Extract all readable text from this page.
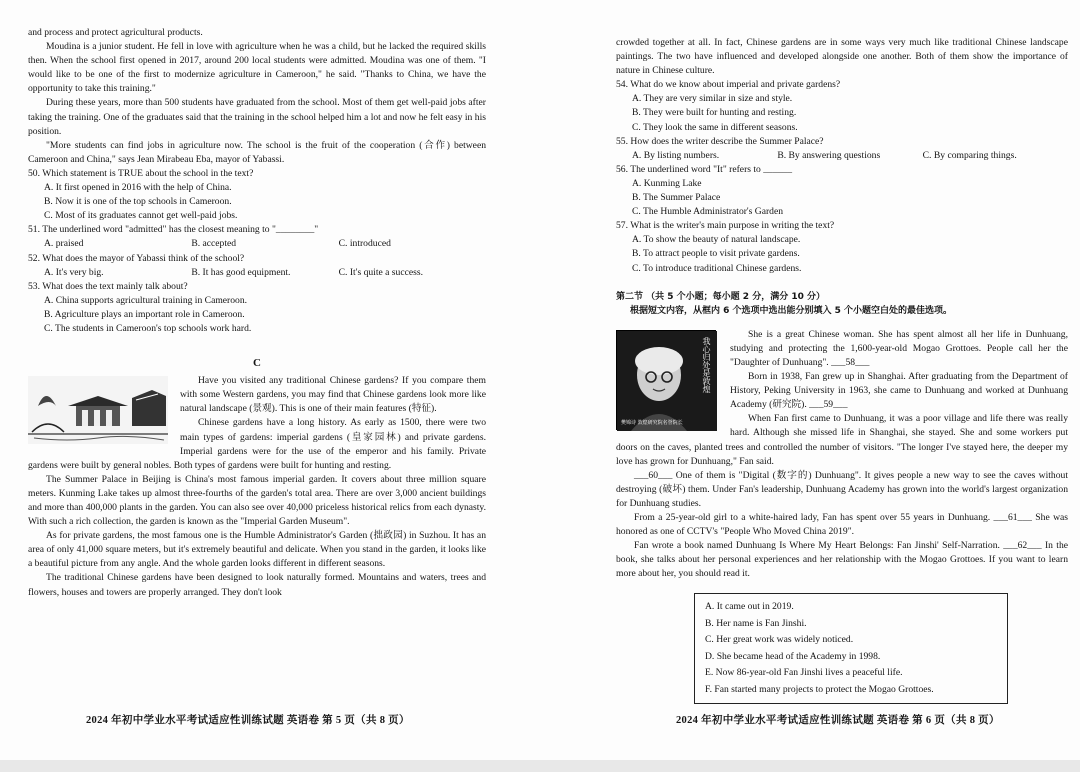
and process and protect agricultural products.

Moudina is a junior student. He fell in love with agriculture when he was a child, but he lacked the required skills then. When the school first opened in 2017, around 200 local students were admitted. Moudina was one of them. "I would like to be one of the first to modernize agriculture in Cameroon," he said. "Thanks to China, we have the opportunity to take this training."

During these years, more than 500 students have graduated from the school. Most of them get well-paid jobs after taking the training. One of the graduates said that the training in the school helped him a lot and now he felt easy in his position.

"More students can find jobs in agriculture now. The school is the fruit of the cooperation (合作) between Cameroon and China," says Jean Mirabeau Eba, mayor of Yabassi.

50. Which statement is TRUE about the school in the text?

A. It first opened in 2016 with the help of China.

B. Now it is one of the top schools in Cameroon.

C. Most of its graduates cannot get well-paid jobs.

51. The underlined word "admitted" has the closest meaning to "________"

A. praised	B. accepted	C. introduced

52. What does the mayor of Yabassi think of the school?

A. It's very big.	B. It has good equipment.	C. It's quite a success.

53. What does the text mainly talk about?

A. China supports agricultural training in Cameroon.

B. Agriculture plays an important role in Cameroon.

C. The students in Cameroon's top schools work hard.

C

Have you visited any traditional Chinese gardens? If you compare them with some Western gardens, you may find that Chinese gardens look more like natural landscape (景观). This is one of their main features (特征).

Chinese gardens have a long history. As early as 1500, there were two main types of gardens: imperial gardens (皇家园林) and private gardens. Imperial gardens were for the use of the emperor and his family. Private gardens were built by general nobles. Both types of gardens were built for hunting and resting.

The Summer Palace in Beijing is China's most famous imperial garden. It covers about three million square meters. Kunming Lake takes up almost three-fourths of the garden's total area. There are over 3,000 ancient buildings and more than 400,000 plants in the garden. You can also see over 40,000 priceless historical relics from each dynasty. With such a rich collection, the garden is known as the "Imperial Garden Museum".

As for private gardens, the most famous one is the Humble Administrator's Garden (拙政园) in Suzhou. It has an area of only 41,000 square meters, but it's extremely beautiful and delicate. When you stand in the garden, it looks like a beautiful picture from any angle. And the whole garden looks different in different seasons.

The traditional Chinese gardens have been designed to look naturally formed. Mountains and waters, trees and flowers, houses and towers are properly arranged. They don't look

2024 年初中学业水平考试适应性训练试题 英语卷 第 5 页（共 8 页）

crowded together at all. In fact, Chinese gardens are in some ways very much like traditional Chinese landscape paintings. The two have influenced and developed alongside one another. Both of them show the importance of nature in Chinese culture.

54. What do we know about imperial and private gardens?

A. They are very similar in size and style.

B. They were built for hunting and resting.

C. They look the same in different seasons.

55. How does the writer describe the Summer Palace?

A. By listing numbers.	B. By answering questions	C. By comparing things.

56. The underlined word "It" refers to ______

A. Kunming Lake

B. The Summer Palace

C. The Humble Administrator's Garden

57. What is the writer's main purpose in writing the text?

A. To show the beauty of natural landscape.

B. To attract people to visit private gardens.

C. To introduce traditional Chinese gardens.

第二节 （共 5 个小题；每小题 2 分，满分 10 分）

根据短文内容，从框内 6 个选项中选出能分别填入 5 个小题空白处的最佳选项。

我心归处是敦煌
樊锦诗 敦煌研究院名誉院长

She is a great Chinese woman. She has spent almost all her life in Dunhuang, studying and protecting the 1,600-year-old Mogao Grottoes. People call her the "Daughter of Dunhuang". ___58___

Born in 1938, Fan grew up in Shanghai. After graduating from the Department of History, Peking University in 1963, she came to Dunhuang and worked at Dunhuang Academy (研究院). ___59___

When Fan first came to Dunhuang, it was a poor village and life there was really hard. Although she missed life in Shanghai, she stayed. She and some workers put doors on the caves, planted trees and controlled the number of visitors. "The longer I've stayed here, the deeper my love has grown for Dunhuang," Fan said.

___60___ One of them is "Digital (数字的) Dunhuang". It gives people a new way to see the caves without destroying (破坏) them. Under Fan's leadership, Dunhuang Academy has grown into the world's largest organization for Dunhuang studies.

From a 25-year-old girl to a white-haired lady, Fan has spent over 55 years in Dunhuang. ___61___ She was honored as one of CCTV's "People Who Moved China 2019".

Fan wrote a book named Dunhuang Is Where My Heart Belongs: Fan Jinshi' Self-Narration. ___62___ In the book, she talks about her personal experiences and her relationship with the Mogao Grottoes. If you want to learn more about her, you should read it.

A. It came out in 2019.
B. Her name is Fan Jinshi.
C. Her great work was widely noticed.
D. She became head of the Academy in 1998.
E. Now 86-year-old Fan Jinshi lives a peaceful life.
F. Fan started many projects to protect the Mogao Grottoes.
2024 年初中学业水平考试适应性训练试题 英语卷 第 6 页（共 8 页）
